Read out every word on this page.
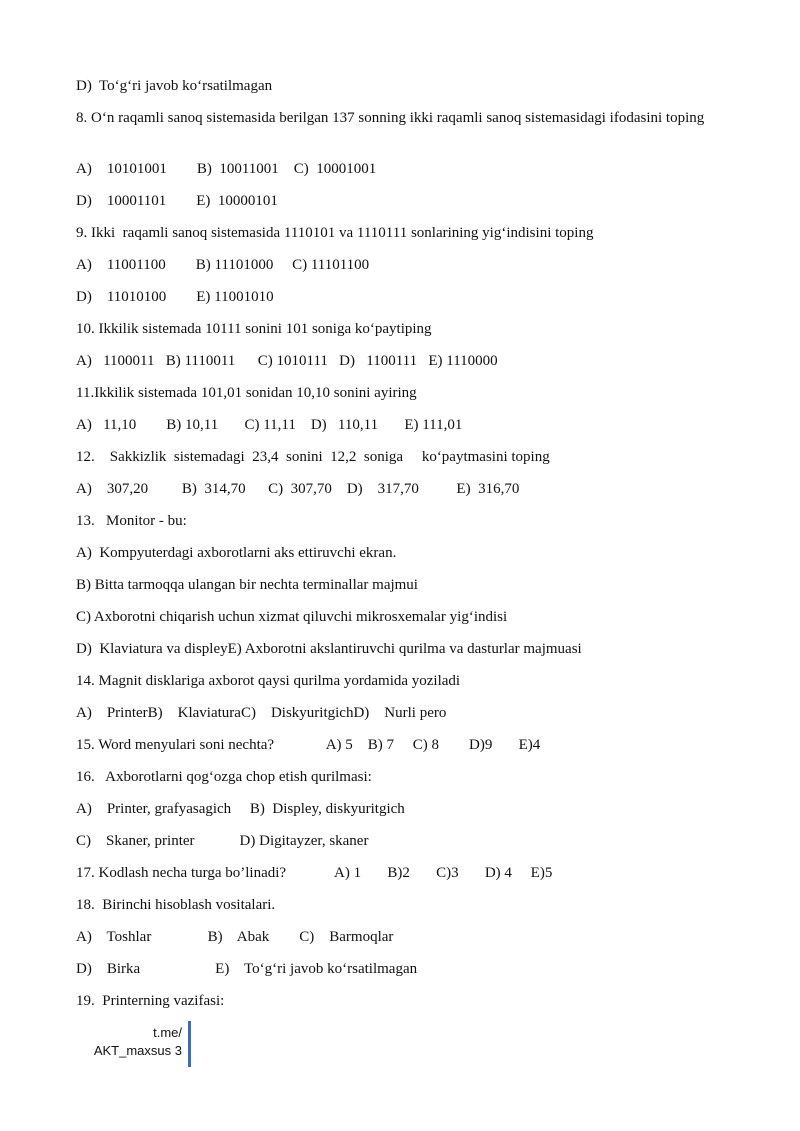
D)  To‘g‘ri javob ko‘rsatilmagan
8. O‘n raqamli sanoq sistemasida berilgan 137 sonning ikki raqamli sanoq sistemasidagi ifodasini toping
A)    10101001        B)  10011001    C)  10001001
D)    10001101        E)  10000101
9. Ikki  raqamli sanoq sistemasida 1110101 va 1110111 sonlarining yig‘indisini toping
A)    11001100        B) 11101000     C) 11101100
D)    11010100        E) 11001010
10. Ikkilik sistemada 10111 sonini 101 soniga ko‘paytiping
A)   1100011   B) 1110011      C) 1010111   D)   1100111   E) 1110000
11.Ikkilik sistemada 101,01 sonidan 10,10 sonini ayiring
A)   11,10        B) 10,11       C) 11,11    D)   110,11       E) 111,01
12.    Sakkizlik  sistemadagi  23,4  sonini  12,2  soniga     ko‘paytmasini toping
A)    307,20         B)  314,70      C)  307,70    D)    317,70          E)  316,70
13.   Monitor - bu:
A)  Kompyuterdagi axborotlarni aks ettiruvchi ekran.
B) Bitta tarmoqqa ulangan bir nechta terminallar majmui
C) Axborotni chiqarish uchun xizmat qiluvchi mikrosxemalar yig‘indisi
D)  Klaviatura va displeyE) Axborotni akslantiruvchi qurilma va dasturlar majmuasi
14. Magnit disklariga axborot qaysi qurilma yordamida yoziladi
A)    PrinterB)    KlaviaturaC)    DiskyuritgichD)    Nurli pero
15. Word menyulari soni nechta?              A) 5    B) 7     C) 8        D)9       E)4
16.   Axborotlarni qog‘ozga chop etish qurilmasi:
A)    Printer, grafyasagich     B)  Displey, diskyuritgich
C)    Skaner, printer            D) Digitayzer, skaner
17. Kodlash necha turga bo’linadi?             A) 1       B)2       C)3       D) 4     E)5
18.  Birinchi hisoblash vositalari.
A)    Toshlar               B)    Abak        C)    Barmoqlar
D)    Birka                    E)    To‘g‘ri javob ko‘rsatilmagan
19.  Printerning vazifasi:
t.me/
AKT_maxsus 3
